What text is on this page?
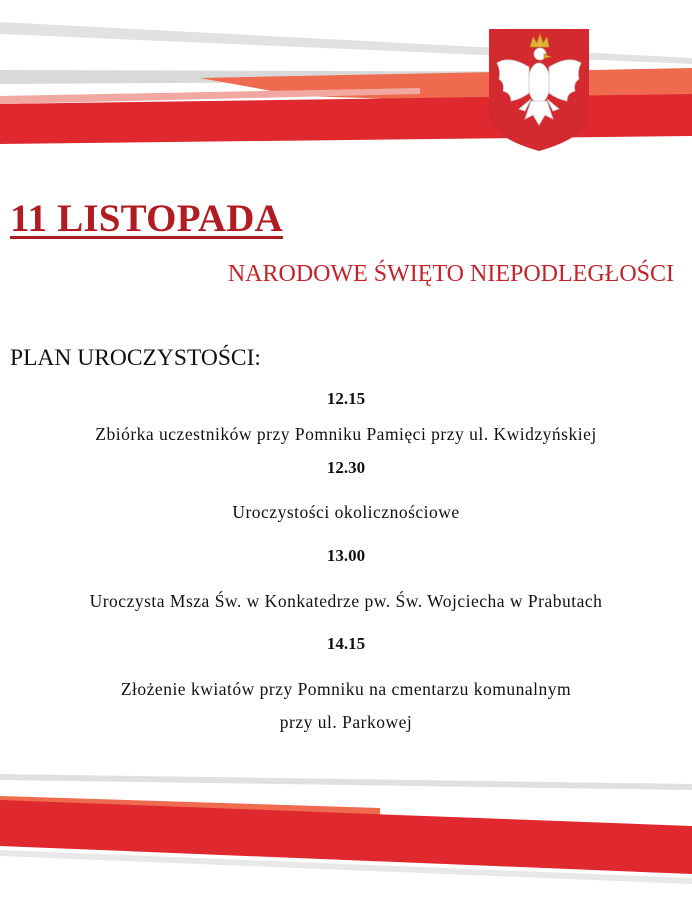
11 LISTOPADA
NARODOWE ŚWIĘTO NIEPODLEGŁOŚCI
PLAN UROCZYSTOŚCI:
12.15
Zbiórka uczestników przy Pomniku Pamięci przy ul. Kwidzyńskiej
12.30
Uroczystości okolicznościowe
13.00
Uroczysta Msza Św. w Konkatedrze pw. Św. Wojciecha w Prabutach
14.15
Złożenie kwiatów przy Pomniku na cmentarzu komunalnym
przy ul. Parkowej
